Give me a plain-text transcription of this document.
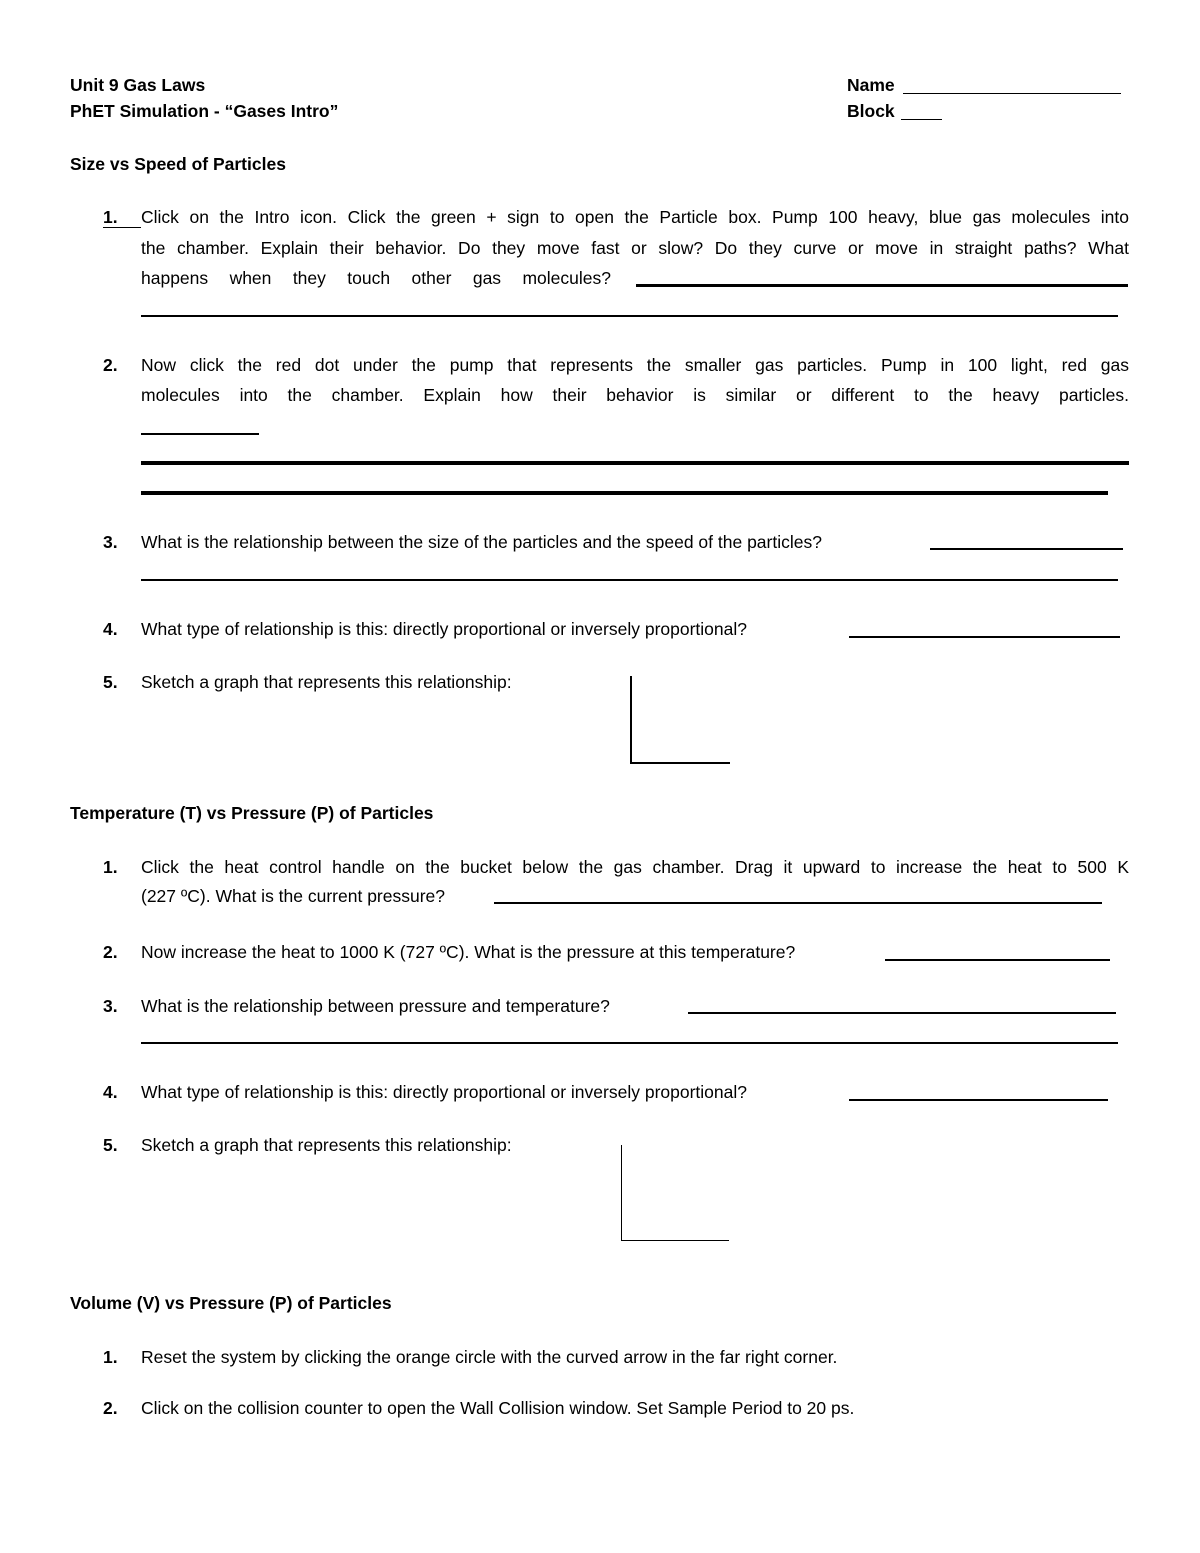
Unit 9 Gas Laws
PhET Simulation - “Gases Intro”
Name
Block
Size vs Speed of Particles
1. Click on the Intro icon. Click the green + sign to open the Particle box. Pump 100 heavy, blue gas molecules into
the chamber. Explain their behavior. Do they move fast or slow? Do they curve or move in straight paths? What
happens when they touch other gas molecules?
2. Now click the red dot under the pump that represents the smaller gas particles. Pump in 100 light, red gas
molecules into the chamber. Explain how their behavior is similar or different to the heavy particles.
3. What is the relationship between the size of the particles and the speed of the particles?
4. What type of relationship is this: directly proportional or inversely proportional?
5. Sketch a graph that represents this relationship:
Temperature (T) vs Pressure (P) of Particles
1. Click the heat control handle on the bucket below the gas chamber. Drag it upward to increase the heat to 500 K
(227 ºC). What is the current pressure?
2. Now increase the heat to 1000 K (727 ºC). What is the pressure at this temperature?
3. What is the relationship between pressure and temperature?
4. What type of relationship is this: directly proportional or inversely proportional?
5. Sketch a graph that represents this relationship:
Volume (V) vs Pressure (P) of Particles
1. Reset the system by clicking the orange circle with the curved arrow in the far right corner.
2. Click on the collision counter to open the Wall Collision window. Set Sample Period to 20 ps.
